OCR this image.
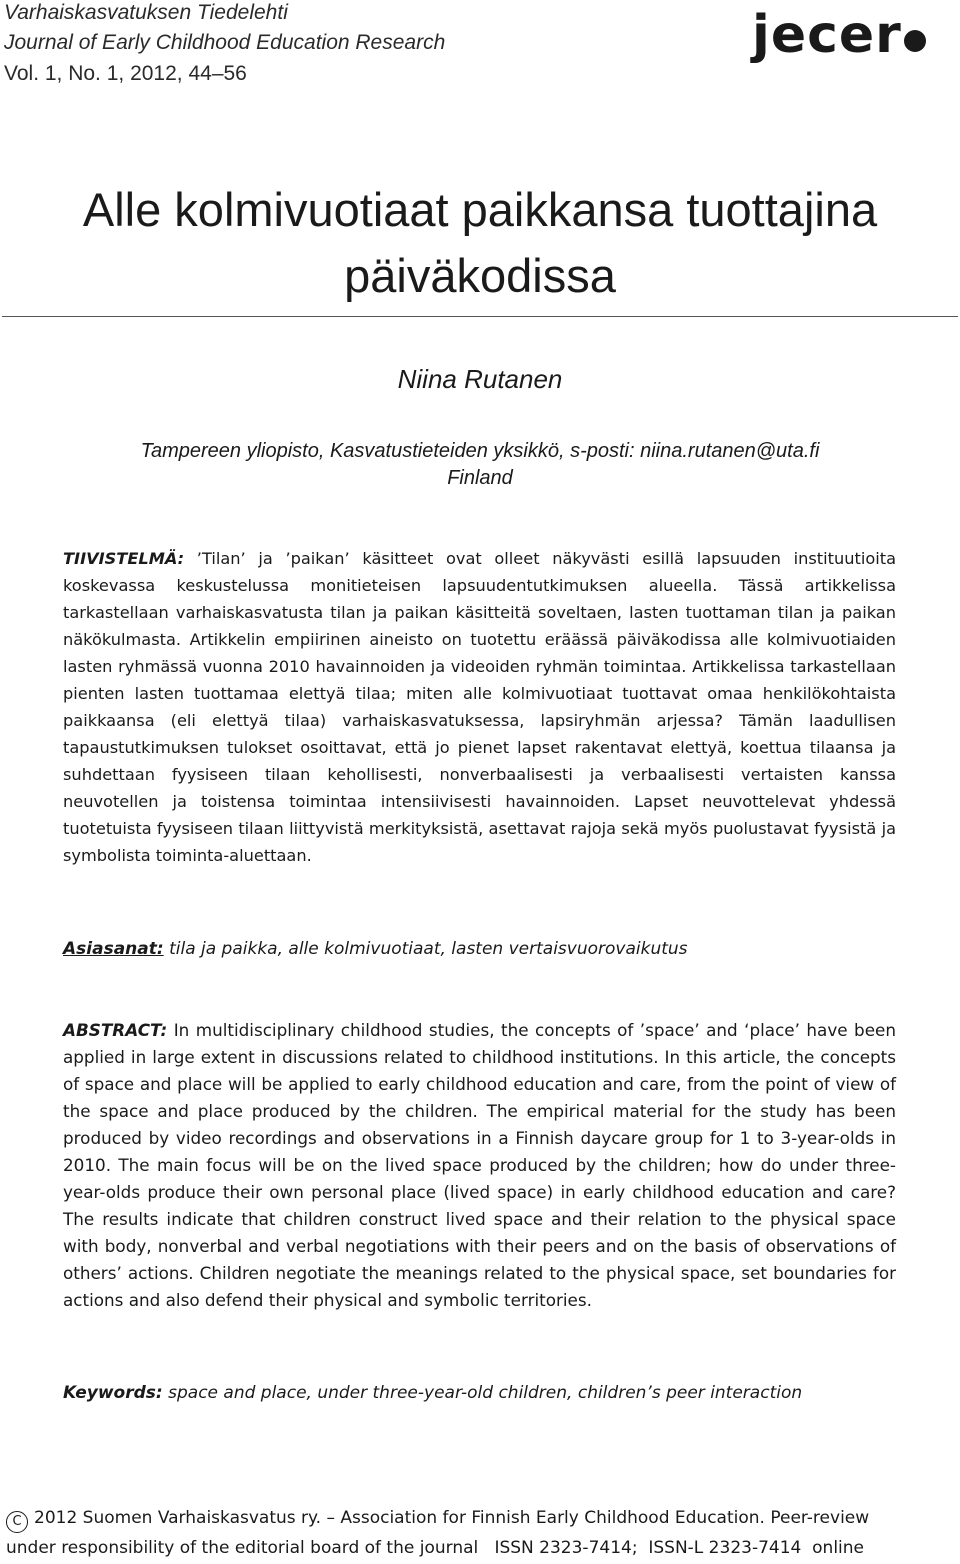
Varhaiskasvatuksen Tiedelehti
Journal of Early Childhood Education Research
Vol. 1, No. 1, 2012, 44–56
jecer
Alle kolmivuotiaat paikkansa tuottajina
päiväkodissa
Niina Rutanen
Tampereen yliopisto, Kasvatustieteiden yksikkö, s-posti: niina.rutanen@uta.fi
Finland
TIIVISTELMÄ: ’Tilan’ ja ’paikan’ käsitteet ovat olleet näkyvästi esillä lapsuuden instituutioita koskevassa keskustelussa monitieteisen lapsuudentutkimuksen alueella. Tässä artikkelissa tarkastellaan varhaiskasvatusta tilan ja paikan käsitteitä soveltaen, lasten tuottaman tilan ja paikan näkökulmasta. Artikkelin empiirinen aineisto on tuotettu eräässä päiväkodissa alle kolmivuotiaiden lasten ryhmässä vuonna 2010 havainnoiden ja videoiden ryhmän toimintaa. Artikkelissa tarkastellaan pienten lasten tuottamaa elettyä tilaa; miten alle kolmivuotiaat tuottavat omaa henkilökohtaista paikkaansa (eli elettyä tilaa) varhaiskasvatuksessa, lapsiryhmän arjessa? Tämän laadullisen tapaustutkimuksen tulokset osoittavat, että jo pienet lapset rakentavat elettyä, koettua tilaansa ja suhdettaan fyysiseen tilaan kehollisesti, nonverbaalisesti ja verbaalisesti vertaisten kanssa neuvotellen ja toistensa toimintaa intensiivisesti havainnoiden. Lapset neuvottelevat yhdessä tuotetuista fyysiseen tilaan liittyvistä merkityksistä, asettavat rajoja sekä myös puolustavat fyysistä ja symbolista toiminta-aluettaan.
Asiasanat: tila ja paikka, alle kolmivuotiaat, lasten vertaisvuorovaikutus
ABSTRACT: In multidisciplinary childhood studies, the concepts of ’space’ and ‘place’ have been applied in large extent in discussions related to childhood institutions. In this article, the concepts of space and place will be applied to early childhood education and care, from the point of view of the space and place produced by the children. The empirical material for the study has been produced by video recordings and observations in a Finnish daycare group for 1 to 3-year-olds in 2010. The main focus will be on the lived space produced by the children; how do under three-year-olds produce their own personal place (lived space) in early childhood education and care? The results indicate that children construct lived space and their relation to the physical space with body, nonverbal and verbal negotiations with their peers and on the basis of observations of others’ actions. Children negotiate the meanings related to the physical space, set boundaries for actions and also defend their physical and symbolic territories.
Keywords: space and place, under three-year-old children, children’s peer interaction
C 2012 Suomen Varhaiskasvatus ry. – Association for Finnish Early Childhood Education. Peer-review
under responsibility of the editorial board of the journal   ISSN 2323-7414;  ISSN-L 2323-7414  online
